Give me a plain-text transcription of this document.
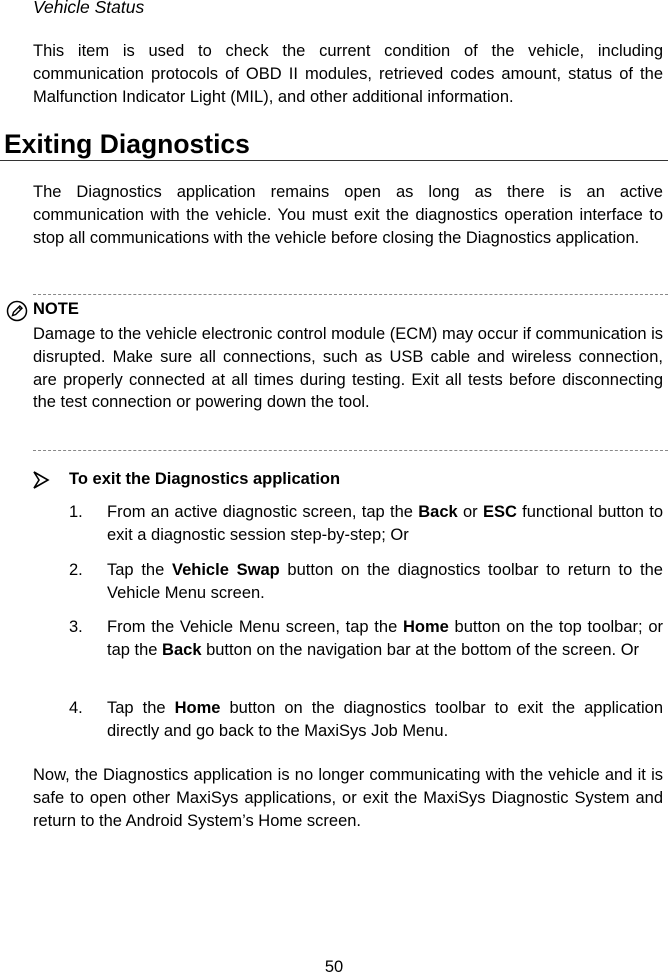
Vehicle Status

This item is used to check the current condition of the vehicle, including communication protocols of OBD II modules, retrieved codes amount, status of the Malfunction Indicator Light (MIL), and other additional information.

Exiting Diagnostics

The Diagnostics application remains open as long as there is an active communication with the vehicle. You must exit the diagnostics operation interface to stop all communications with the vehicle before closing the Diagnostics application.

NOTE

Damage to the vehicle electronic control module (ECM) may occur if communication is disrupted. Make sure all connections, such as USB cable and wireless connection, are properly connected at all times during testing. Exit all tests before disconnecting the test connection or powering down the tool.

To exit the Diagnostics application
1. From an active diagnostic screen, tap the Back or ESC functional button to exit a diagnostic session step-by-step; Or

2. Tap the Vehicle Swap button on the diagnostics toolbar to return to the Vehicle Menu screen.

3. From the Vehicle Menu screen, tap the Home button on the top toolbar; or tap the Back button on the navigation bar at the bottom of the screen. Or

4. Tap the Home button on the diagnostics toolbar to exit the application directly and go back to the MaxiSys Job Menu.

Now, the Diagnostics application is no longer communicating with the vehicle and it is safe to open other MaxiSys applications, or exit the MaxiSys Diagnostic System and return to the Android System’s Home screen.

50
